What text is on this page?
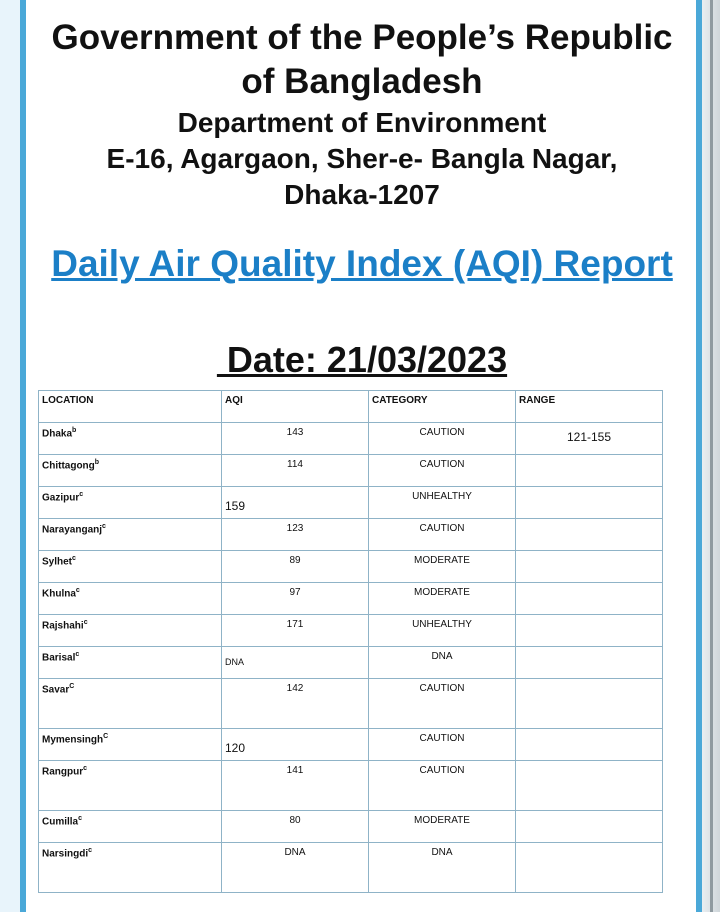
Government of the People’s Republic
of Bangladesh
Department of Environment
E-16, Agargaon, Sher-e- Bangla Nagar,
Dhaka-1207
Daily Air Quality Index (AQI) Report
Date: 21/03/2023
LOCATION	AQI	CATEGORY	RANGE
Dhaka$^b$	143	CAUTION	121-155
Chittagong$^b$	114	CAUTION	
Gazipur$^c$	159	UNHEALTHY	
Narayanganj$^c$	123	CAUTION	
Sylhet$^c$	89	MODERATE	
Khulna$^c$	97	MODERATE	
Rajshahi$^c$	171	UNHEALTHY	
Barisal$^c$	DNA	DNA	
Savar$^C$	142	CAUTION	
Mymensingh$^C$	120	CAUTION	
Rangpur$^c$	141	CAUTION	
Cumilla$^c$	80	MODERATE	
Narsingdi$^c$	DNA	DNA	
